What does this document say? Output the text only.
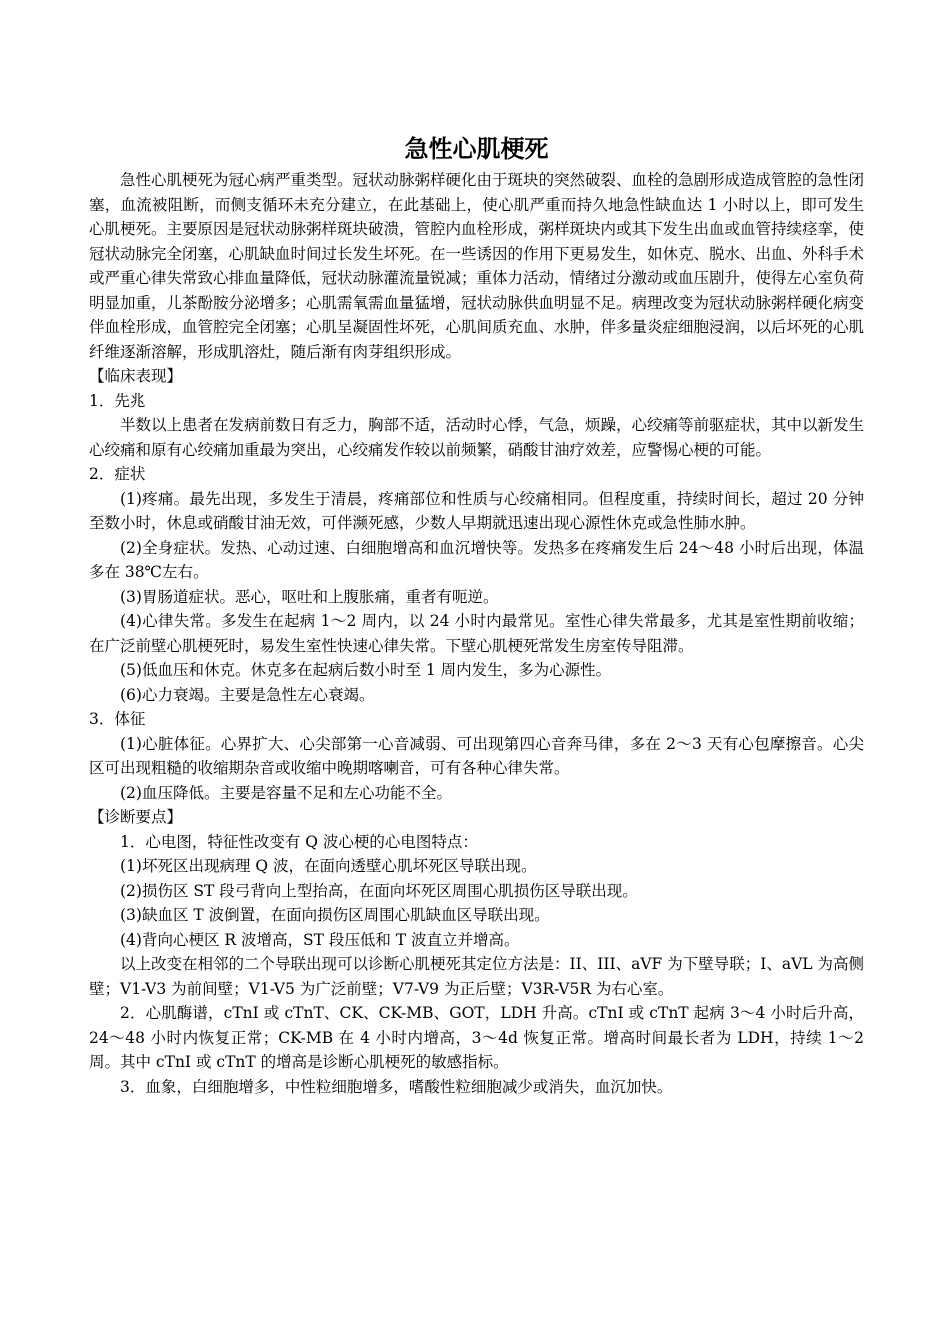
急性心肌梗死

急性心肌梗死为冠心病严重类型。冠状动脉粥样硬化由于斑块的突然破裂、血栓的急剧形成造成管腔的急性闭塞，血流被阻断，而侧支循环未充分建立，在此基础上，使心肌严重而持久地急性缺血达 1 小时以上，即可发生心肌梗死。主要原因是冠状动脉粥样斑块破溃，管腔内血栓形成，粥样斑块内或其下发生出血或血管持续痉挛，使冠状动脉完全闭塞，心肌缺血时间过长发生坏死。在一些诱因的作用下更易发生，如休克、脱水、出血、外科手术或严重心律失常致心排血量降低，冠状动脉灌流量锐减；重体力活动，情绪过分激动或血压剧升，使得左心室负荷明显加重，儿茶酚胺分泌增多；心肌需氧需血量猛增，冠状动脉供血明显不足。病理改变为冠状动脉粥样硬化病变伴血栓形成，血管腔完全闭塞；心肌呈凝固性坏死，心肌间质充血、水肿，伴多量炎症细胞浸润，以后坏死的心肌纤维逐渐溶解，形成肌溶灶，随后渐有肉芽组织形成。

【临床表现】

1．先兆

半数以上患者在发病前数日有乏力，胸部不适，活动时心悸，气急，烦躁，心绞痛等前驱症状，其中以新发生心绞痛和原有心绞痛加重最为突出，心绞痛发作较以前频繁，硝酸甘油疗效差，应警惕心梗的可能。

2．症状

(1)疼痛。最先出现，多发生于清晨，疼痛部位和性质与心绞痛相同。但程度重，持续时间长，超过 20 分钟至数小时，休息或硝酸甘油无效，可伴濒死感，少数人早期就迅速出现心源性休克或急性肺水肿。

(2)全身症状。发热、心动过速、白细胞增高和血沉增快等。发热多在疼痛发生后 24～48 小时后出现，体温多在 38℃左右。

(3)胃肠道症状。恶心，呕吐和上腹胀痛，重者有呃逆。

(4)心律失常。多发生在起病 1～2 周内，以 24 小时内最常见。室性心律失常最多，尤其是室性期前收缩；在广泛前壁心肌梗死时，易发生室性快速心律失常。下壁心肌梗死常发生房室传导阻滞。

(5)低血压和休克。休克多在起病后数小时至 1 周内发生，多为心源性。

(6)心力衰竭。主要是急性左心衰竭。

3．体征

(1)心脏体征。心界扩大、心尖部第一心音减弱、可出现第四心音奔马律，多在 2～3 天有心包摩擦音。心尖区可出现粗糙的收缩期杂音或收缩中晚期喀喇音，可有各种心律失常。

(2)血压降低。主要是容量不足和左心功能不全。

【诊断要点】

1．心电图，特征性改变有 Q 波心梗的心电图特点：

(1)坏死区出现病理 Q 波，在面向透壁心肌坏死区导联出现。

(2)损伤区 ST 段弓背向上型抬高，在面向坏死区周围心肌损伤区导联出现。

(3)缺血区 T 波倒置，在面向损伤区周围心肌缺血区导联出现。

(4)背向心梗区 R 波增高，ST 段压低和 T 波直立并增高。

以上改变在相邻的二个导联出现可以诊断心肌梗死其定位方法是：II、III、aVF 为下壁导联；I、aVL 为高侧壁；V1-V3 为前间壁；V1-V5 为广泛前壁；V7-V9 为正后壁；V3R-V5R 为右心室。

2．心肌酶谱，cTnI 或 cTnT、CK、CK-MB、GOT，LDH 升高。cTnI 或 cTnT 起病 3～4 小时后升高，24～48 小时内恢复正常；CK-MB 在 4 小时内增高，3～4d 恢复正常。增高时间最长者为 LDH，持续 1～2 周。其中 cTnI 或 cTnT 的增高是诊断心肌梗死的敏感指标。

3．血象，白细胞增多，中性粒细胞增多，嗜酸性粒细胞减少或消失，血沉加快。
